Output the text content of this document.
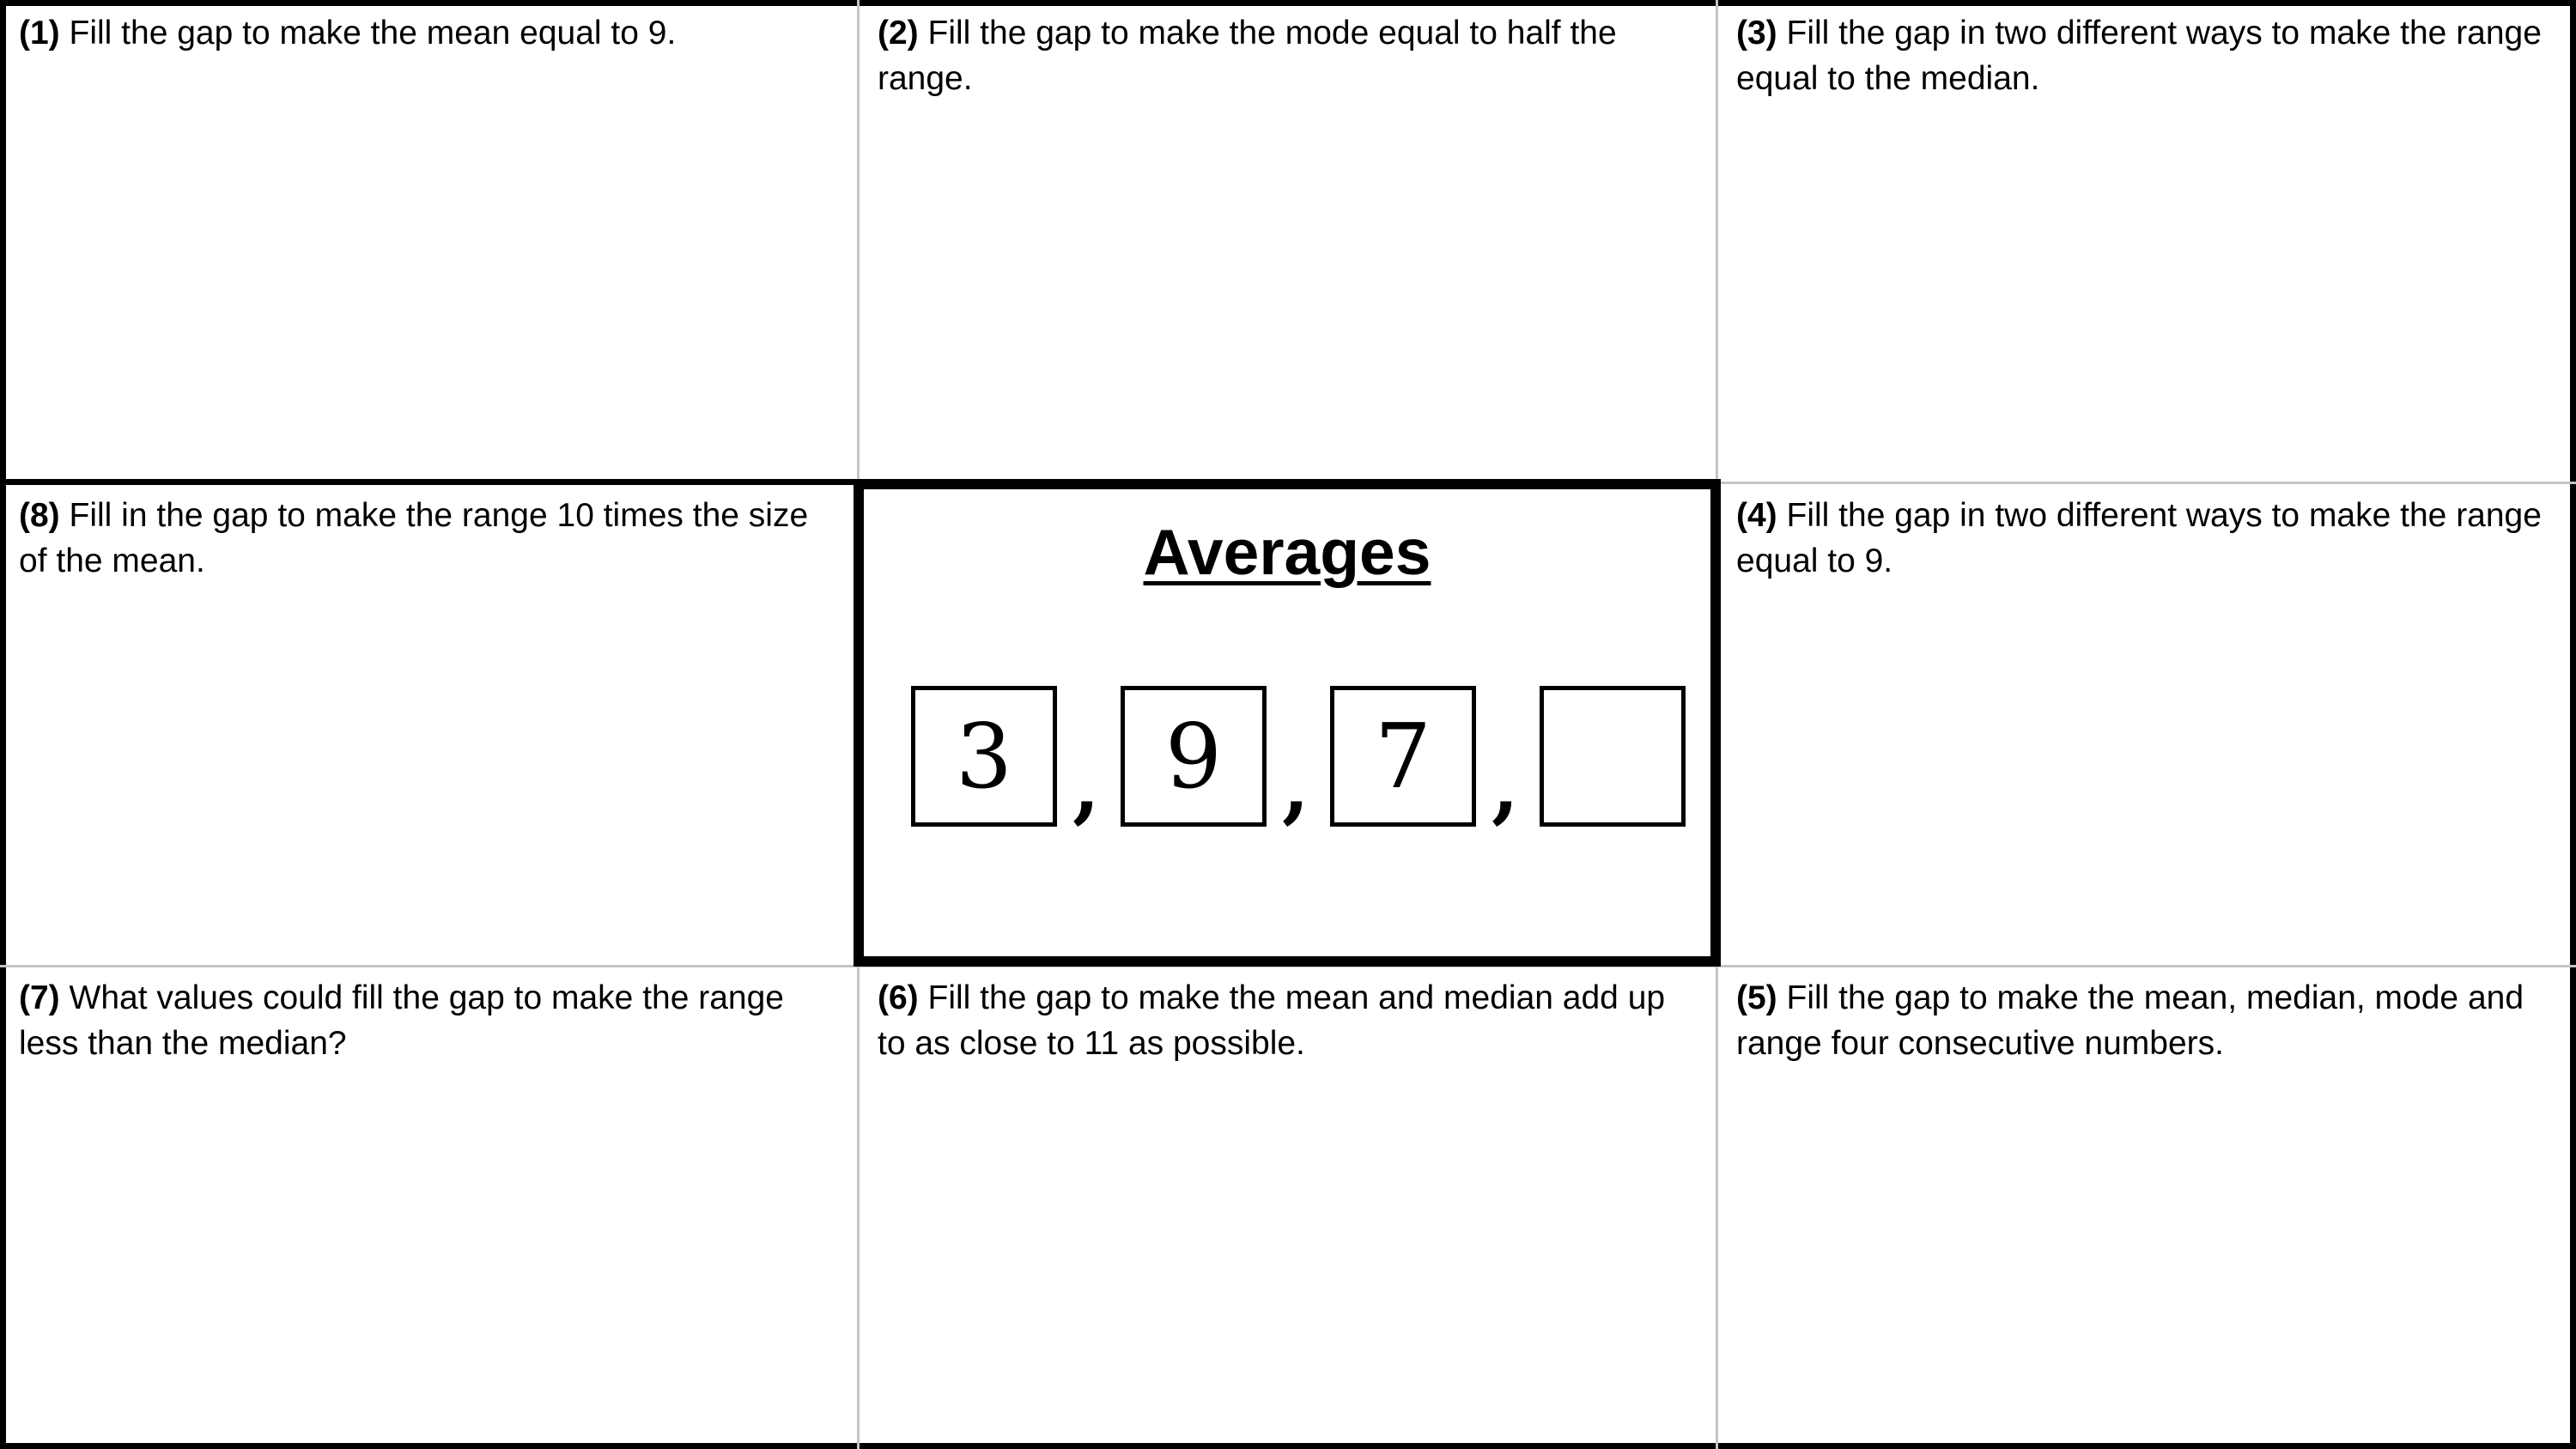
(1) Fill the gap to make the mean equal to 9.	(2) Fill the gap to make the mode equal to half the range.

(3) Fill the gap in two different ways to make the range equal to the median.

(8) Fill in the gap to make the range 10 times the size of the mean.

(4) Fill the gap in two different ways to make the range equal to 9.

(7) What values could fill the gap to make the range less than the median?

(6) Fill the gap to make the mean and median add up to as close to 11 as possible.

(5) Fill the gap to make the mean, median, mode and range four consecutive numbers.

Averages
3 , 9 , 7 ,
